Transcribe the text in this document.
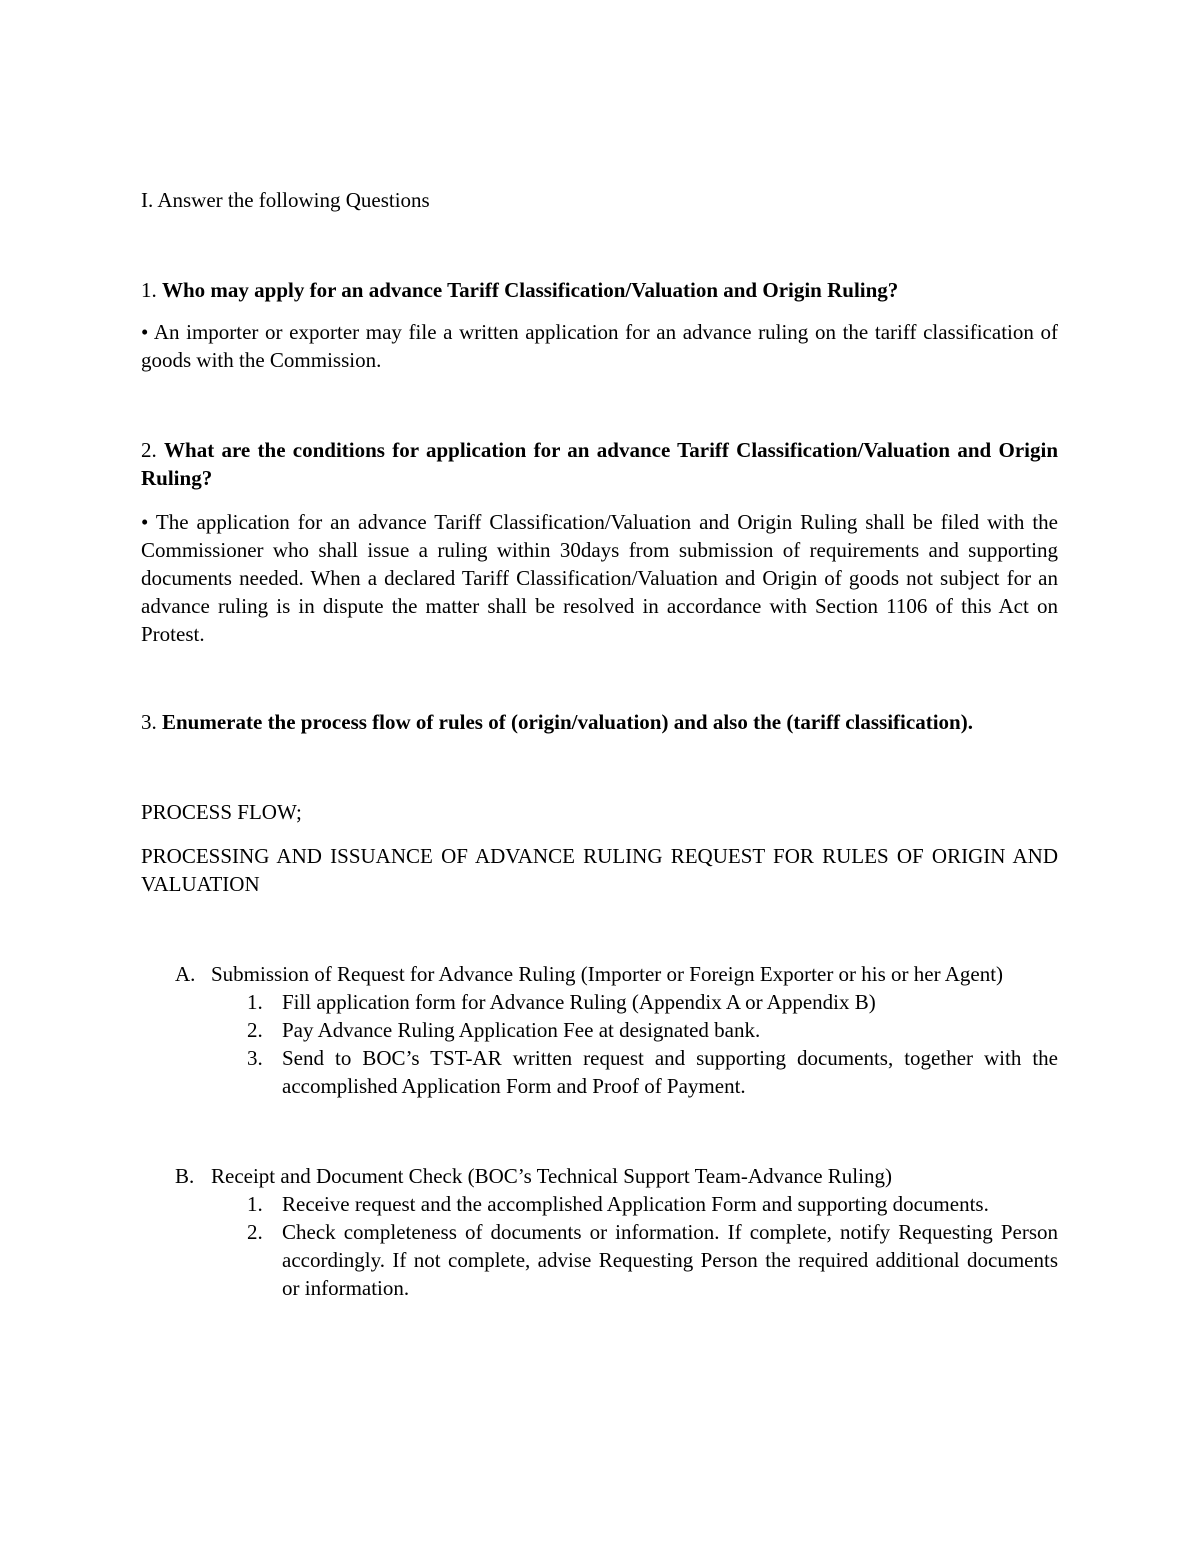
I. Answer the following Questions

1. Who may apply for an advance Tariff Classification/Valuation and Origin Ruling?

• An importer or exporter may file a written application for an advance ruling on the tariff classification of goods with the Commission.

2. What are the conditions for application for an advance Tariff Classification/Valuation and Origin Ruling?

• The application for an advance Tariff Classification/Valuation and Origin Ruling shall be filed with the Commissioner who shall issue a ruling within 30days from submission of requirements and supporting documents needed. When a declared Tariff Classification/Valuation and Origin of goods not subject for an advance ruling is in dispute the matter shall be resolved in accordance with Section 1106 of this Act on Protest.

3. Enumerate the process flow of rules of (origin/valuation) and also the (tariff classification).

PROCESS FLOW;

PROCESSING AND ISSUANCE OF ADVANCE RULING REQUEST FOR RULES OF ORIGIN AND VALUATION

A. Submission of Request for Advance Ruling (Importer or Foreign Exporter or his or her Agent)

1. Fill application form for Advance Ruling (Appendix A or Appendix B)
2. Pay Advance Ruling Application Fee at designated bank.
3. Send to BOC’s TST-AR written request and supporting documents, together with the accomplished Application Form and Proof of Payment.
B. Receipt and Document Check (BOC’s Technical Support Team-Advance Ruling)

1. Receive request and the accomplished Application Form and supporting documents.
2. Check completeness of documents or information. If complete, notify Requesting Person accordingly. If not complete, advise Requesting Person the required additional documents or information.
